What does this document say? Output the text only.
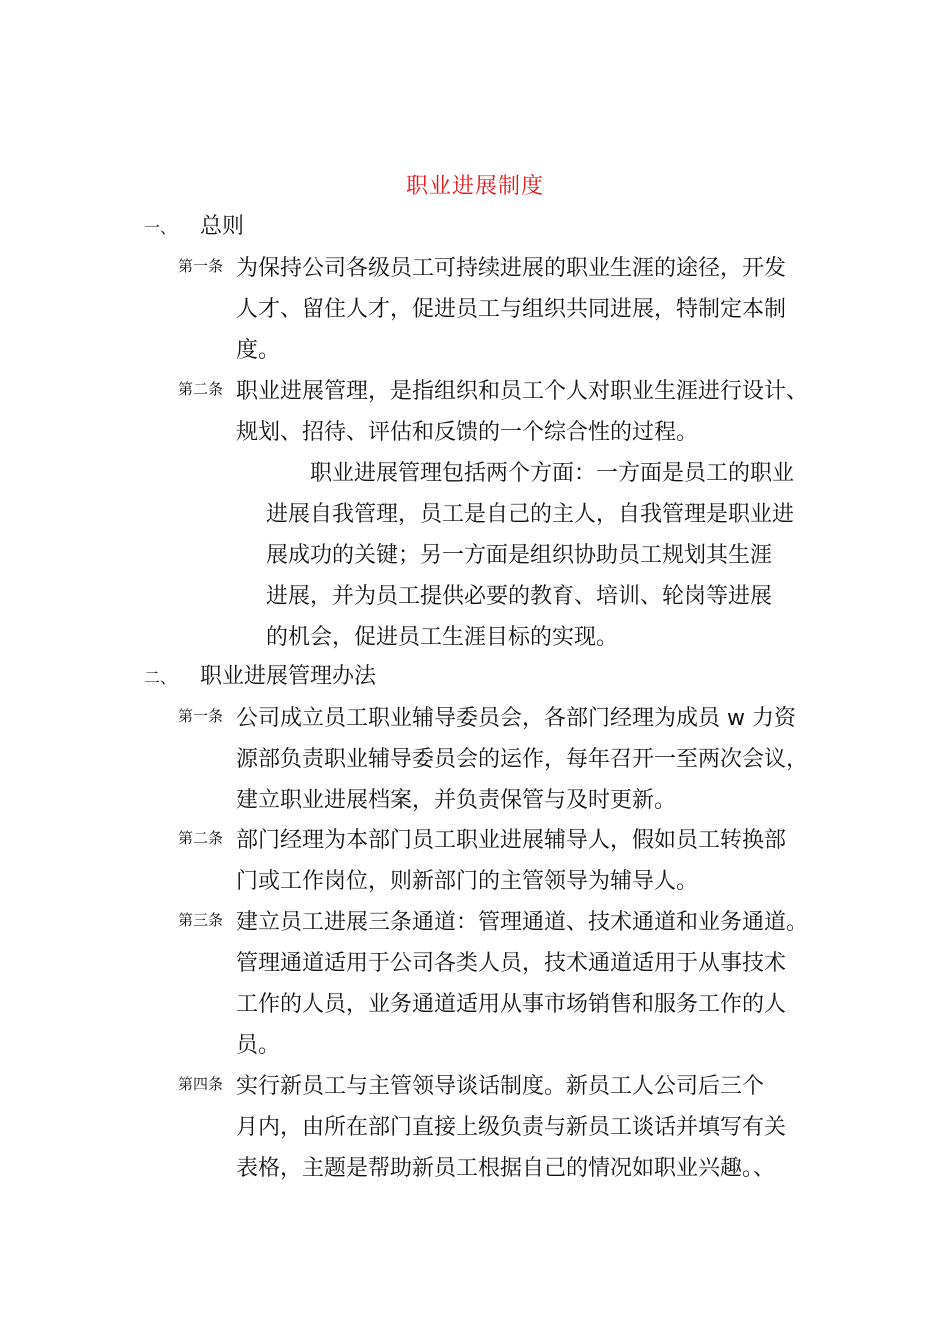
职业进展制度
一、 总则
第一条 为保持公司各级员工可持续进展的职业生涯的途径，开发
人才、留住人才，促进员工与组织共同进展，特制定本制
度。
第二条 职业进展管理，是指组织和员工个人对职业生涯进行设计、
规划、招待、评估和反馈的一个综合性的过程。
职业进展管理包括两个方面：一方面是员工的职业
进展自我管理，员工是自己的主人，自我管理是职业进
展成功的关键；另一方面是组织协助员工规划其生涯
进展，并为员工提供必要的教育、培训、轮岗等进展
的机会，促进员工生涯目标的实现。
二、 职业进展管理办法
第一条 公司成立员工职业辅导委员会，各部门经理为成员 w 力资
源部负责职业辅导委员会的运作，每年召开一至两次会议，
建立职业进展档案，并负责保管与及时更新。
第二条 部门经理为本部门员工职业进展辅导人，假如员工转换部
门或工作岗位，则新部门的主管领导为辅导人。
第三条 建立员工进展三条通道：管理通道、技术通道和业务通道。
管理通道适用于公司各类人员，技术通道适用于从事技术
工作的人员，业务通道适用从事市场销售和服务工作的人
员。
第四条 实行新员工与主管领导谈话制度。新员工人公司后三个
月内，由所在部门直接上级负责与新员工谈话并填写有关
表格，主题是帮助新员工根据自己的情况如职业兴趣。、
